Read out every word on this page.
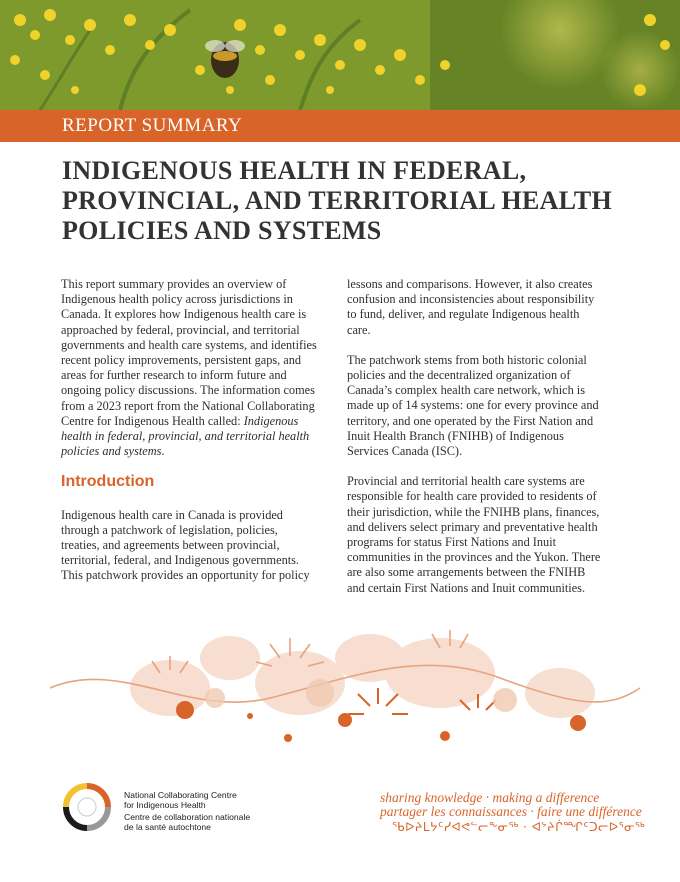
REPORT SUMMARY
INDIGENOUS HEALTH IN FEDERAL, PROVINCIAL, AND TERRITORIAL HEALTH POLICIES AND SYSTEMS

This report summary provides an overview of Indigenous health policy across jurisdictions in Canada. It explores how Indigenous health care is approached by federal, provincial, and territorial governments and health care systems, and identifies recent policy improvements, persistent gaps, and areas for further research to inform future and ongoing policy discussions. The information comes from a 2023 report from the National Collaborating Centre for Indigenous Health called: Indigenous health in federal, provincial, and territorial health policies and systems.

Introduction

Indigenous health care in Canada is provided through a patchwork of legislation, policies, treaties, and agreements between provincial, territorial, federal, and Indigenous governments. This patchwork provides an opportunity for policy

lessons and comparisons. However, it also creates confusion and inconsistencies about responsibility to fund, deliver, and regulate Indigenous health care.

The patchwork stems from both historic colonial policies and the decentralized organization of Canada’s complex health care network, which is made up of 14 systems: one for every province and territory, and one operated by the First Nation and Inuit Health Branch (FNIHB) of Indigenous Services Canada (ISC).

Provincial and territorial health care systems are responsible for health care provided to residents of their jurisdiction, while the FNIHB plans, finances, and delivers select primary and preventative health programs for status First Nations and Inuit communities in the provinces and the Yukon. There are also some arrangements between the FNIHB and certain First Nations and Inuit communities.

National Collaborating Centre
for Indigenous Health
Centre de collaboration nationale
de la santé autochtone
sharing knowledge · making a difference
partager les connaissances · faire une différence
ᖃᐅᔨᒪᔭᑦᓯᐊᕙᓪᓕᖕᓂᖅ · ᐊᔾᔨᒌᙱᑦᑐᓕᐅᕐᓂᖅ
